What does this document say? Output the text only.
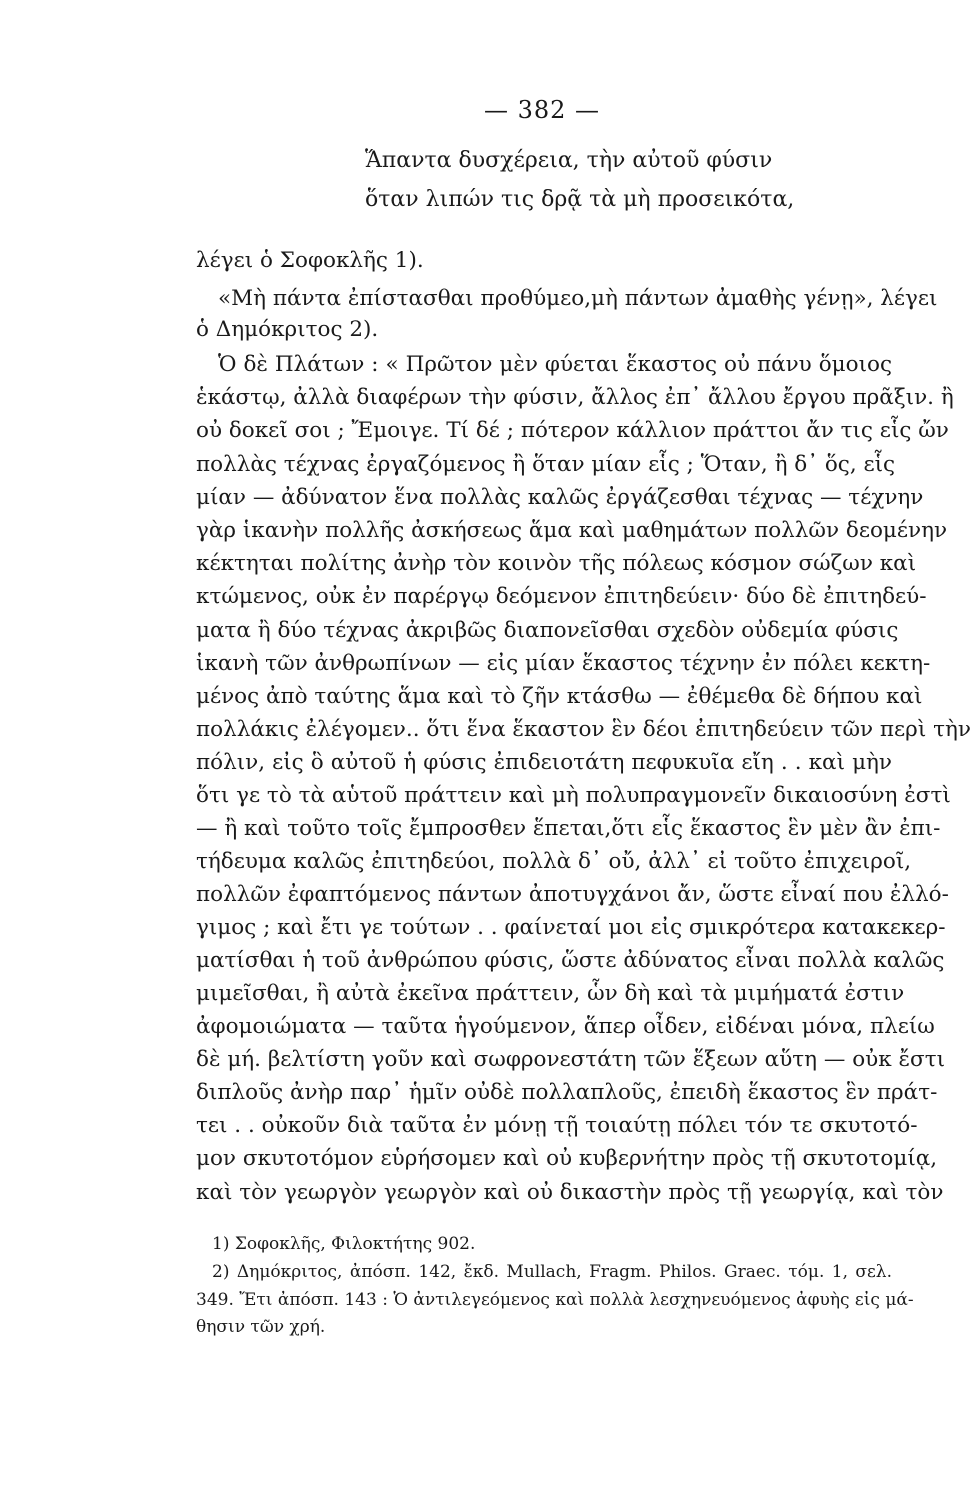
— 382 —
Ἅπαντα δυσχέρεια, τὴν αὐτοῦ φύσιν
ὅταν λιπών τις δρᾷ τὰ μὴ προσεικότα,
λέγει ὁ Σοφοκλῆς 1).
«Μὴ πάντα ἐπίστασθαι προθύμεο,μὴ πάντων ἀμαθὴς γένῃ», λέγει
ὁ Δημόκριτος 2).
Ὁ δὲ Πλάτων : « Πρῶτον μὲν φύεται ἕκαστος οὐ πάνυ ὅμοιος
ἑκάστῳ, ἀλλὰ διαφέρων τὴν φύσιν, ἄλλος ἐπ᾽ ἄλλου ἔργου πρᾶξιν. ἢ
οὐ δοκεῖ σοι ; Ἔμοιγε. Τί δέ ; πότερον κάλλιον πράττοι ἄν τις εἷς ὤν
πολλὰς τέχνας ἐργαζόμενος ἢ ὅταν μίαν εἷς ; Ὅταν, ἢ δ᾽ ὅς, εἷς
μίαν — ἀδύνατον ἕνα πολλὰς καλῶς ἐργάζεσθαι τέχνας — τέχνην
γὰρ ἱκανὴν πολλῆς ἀσκήσεως ἅμα καὶ μαθημάτων πολλῶν δεομένην
κέκτηται πολίτης ἀνὴρ τὸν κοινὸν τῆς πόλεως κόσμον σώζων καὶ
κτώμενος, οὐκ ἐν παρέργῳ δεόμενον ἐπιτηδεύειν· δύο δὲ ἐπιτηδεύ-
ματα ἢ δύο τέχνας ἀκριβῶς διαπονεῖσθαι σχεδὸν οὐδεμία φύσις
ἱκανὴ τῶν ἀνθρωπίνων — εἰς μίαν ἕκαστος τέχνην ἐν πόλει κεκτη-
μένος ἀπὸ ταύτης ἅμα καὶ τὸ ζῆν κτάσθω — ἐθέμεθα δὲ δήπου καὶ
πολλάκις ἐλέγομεν.. ὅτι ἕνα ἕκαστον ἓν δέοι ἐπιτηδεύειν τῶν περὶ τὴν
πόλιν, εἰς ὃ αὐτοῦ ἡ φύσις ἐπιδειοτάτη πεφυκυῖα εἴη . . καὶ μὴν
ὅτι γε τὸ τὰ αὑτοῦ πράττειν καὶ μὴ πολυπραγμονεῖν δικαιοσύνη ἐστὶ
— ἢ καὶ τοῦτο τοῖς ἔμπροσθεν ἕπεται,ὅτι εἷς ἕκαστος ἓν μὲν ἂν ἐπι-
τήδευμα καλῶς ἐπιτηδεύοι, πολλὰ δ᾽ οὔ, ἀλλ᾽ εἰ τοῦτο ἐπιχειροῖ,
πολλῶν ἐφαπτόμενος πάντων ἀποτυγχάνοι ἄν, ὥστε εἶναί που ἐλλό-
γιμος ; καὶ ἔτι γε τούτων . . φαίνεταί μοι εἰς σμικρότερα κατακεκερ-
ματίσθαι ἡ τοῦ ἀνθρώπου φύσις, ὥστε ἀδύνατος εἶναι πολλὰ καλῶς
μιμεῖσθαι, ἢ αὐτὰ ἐκεῖνα πράττειν, ὧν δὴ καὶ τὰ μιμήματά ἐστιν
ἀφομοιώματα — ταῦτα ἡγούμενον, ἅπερ οἶδεν, εἰδέναι μόνα, πλείω
δὲ μή. βελτίστη γοῦν καὶ σωφρονεστάτη τῶν ἕξεων αὕτη — οὐκ ἔστι
διπλοῦς ἀνὴρ παρ᾽ ἡμῖν οὐδὲ πολλαπλοῦς, ἐπειδὴ ἕκαστος ἓν πράτ-
τει . . οὐκοῦν διὰ ταῦτα ἐν μόνῃ τῇ τοιαύτῃ πόλει τόν τε σκυτοτό-
μον σκυτοτόμον εὑρήσομεν καὶ οὐ κυβερνήτην πρὸς τῇ σκυτοτομίᾳ,
καὶ τὸν γεωργὸν γεωργὸν καὶ οὐ δικαστὴν πρὸς τῇ γεωργίᾳ, καὶ τὸν
1) Σοφοκλῆς, Φιλοκτήτης 902.
2) Δημόκριτος, ἀπόσπ. 142, ἔκδ. Mullach, Fragm. Philos. Graec. τόμ. 1, σελ.
349. Ἔτι ἀπόσπ. 143 : Ὁ ἀντιλεγεόμενος καὶ πολλὰ λεσχηνευόμενος ἀφυὴς εἰς μά-
θησιν τῶν χρή.
